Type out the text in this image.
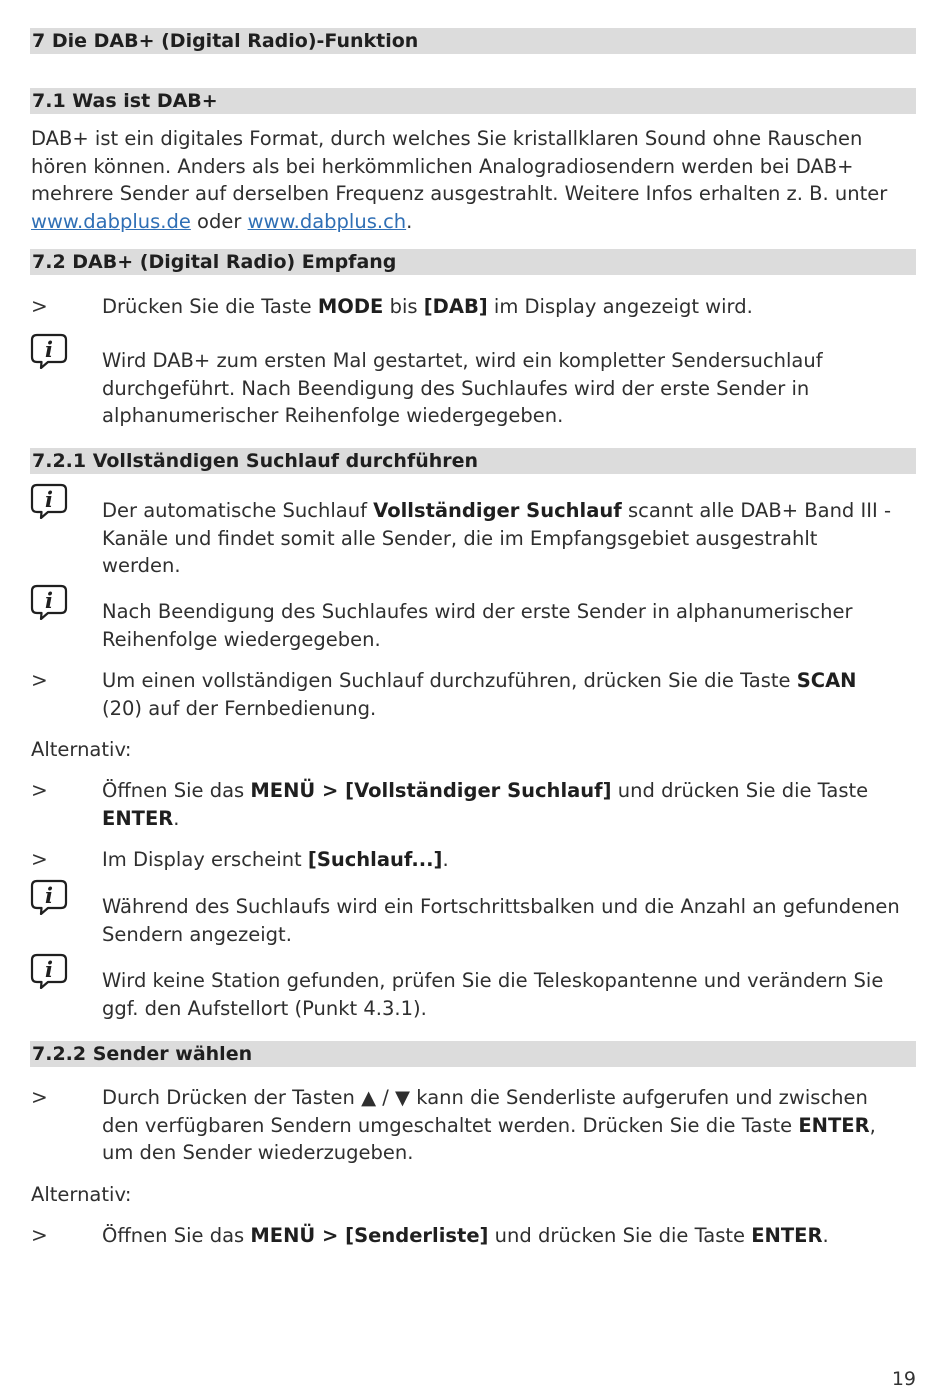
7 Die DAB+ (Digital Radio)-Funktion
7.1 Was ist DAB+
DAB+ ist ein digitales Format, durch welches Sie kristallklaren Sound ohne Rauschen hören können. Anders als bei herkömmlichen Analogradiosendern werden bei DAB+ mehrere Sender auf derselben Frequenz ausgestrahlt. Weitere Infos erhalten z. B. unter www.dabplus.de oder www.dabplus.ch.
7.2 DAB+ (Digital Radio) Empfang
>	Drücken Sie die Taste MODE bis [DAB] im Display angezeigt wird.
i	Wird DAB+ zum ersten Mal gestartet, wird ein kompletter Sendersuchlauf durchgeführt. Nach Beendigung des Suchlaufes wird der erste Sender in alphanumerischer Reihenfolge wiedergegeben.
7.2.1 Vollständigen Suchlauf durchführen
i	Der automatische Suchlauf Vollständiger Suchlauf scannt alle DAB+ Band III - Kanäle und findet somit alle Sender, die im Empfangsgebiet ausgestrahlt werden.
i	Nach Beendigung des Suchlaufes wird der erste Sender in alphanumerischer Reihenfolge wiedergegeben.
>	Um einen vollständigen Suchlauf durchzuführen, drücken Sie die Taste SCAN (20) auf der Fernbedienung.
Alternativ:
>	Öffnen Sie das MENÜ > [Vollständiger Suchlauf] und drücken Sie die Taste ENTER.
>	Im Display erscheint [Suchlauf...].
i	Während des Suchlaufs wird ein Fortschrittsbalken und die Anzahl an gefundenen Sendern angezeigt.
i	Wird keine Station gefunden, prüfen Sie die Teleskopantenne und verändern Sie ggf. den Aufstellort (Punkt 4.3.1).
7.2.2 Sender wählen
>	Durch Drücken der Tasten ▲ / ▼ kann die Senderliste aufgerufen und zwischen den verfügbaren Sendern umgeschaltet werden. Drücken Sie die Taste ENTER, um den Sender wiederzugeben.
Alternativ:
>	Öffnen Sie das MENÜ > [Senderliste] und drücken Sie die Taste ENTER.
19
